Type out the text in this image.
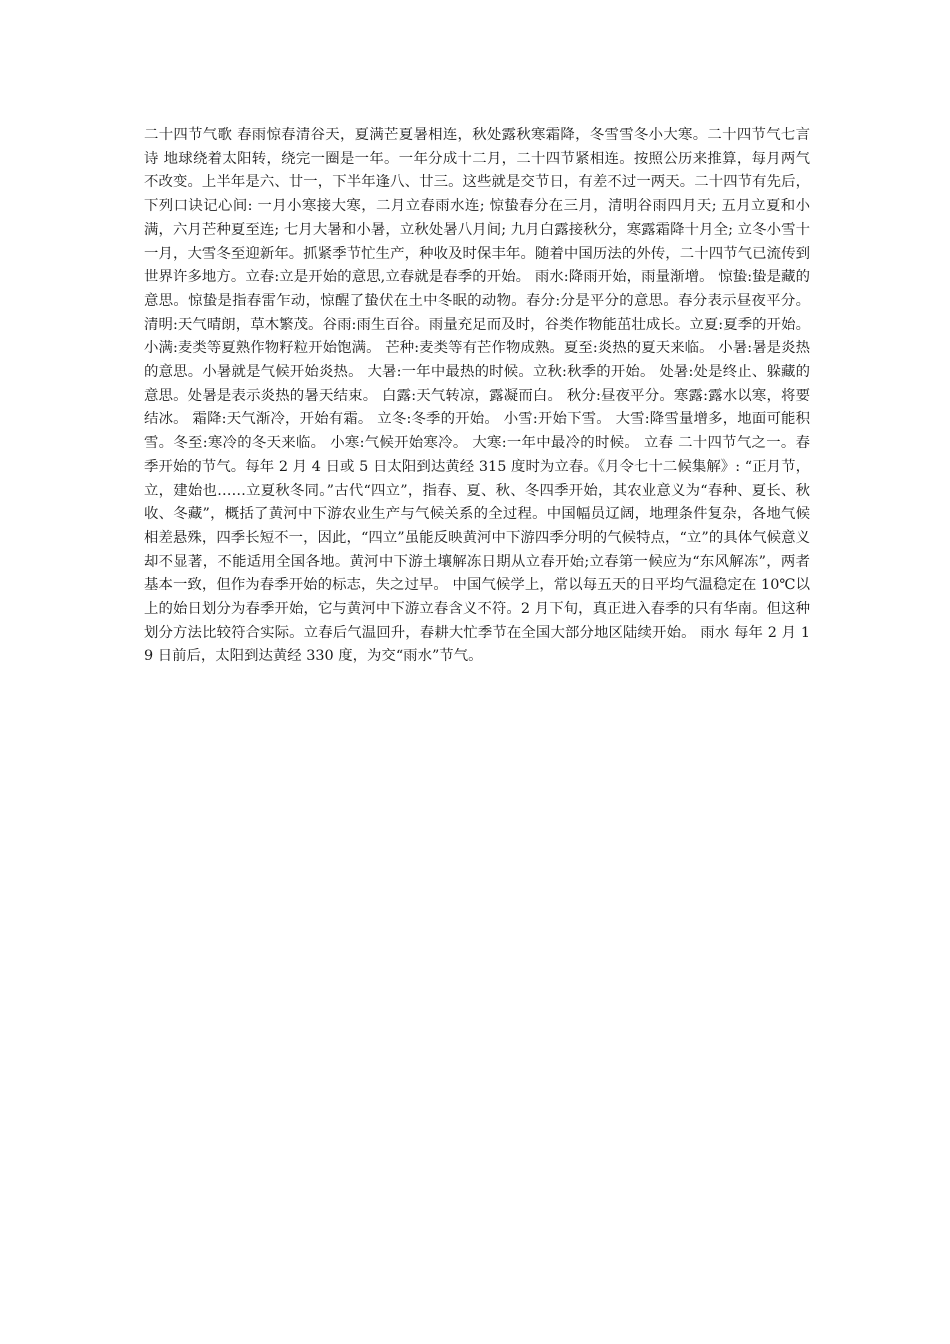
二十四节气歌 春雨惊春清谷天，夏满芒夏暑相连，秋处露秋寒霜降，冬雪雪冬小大寒。二十四节气七言诗 地球绕着太阳转，绕完一圈是一年。一年分成十二月，二十四节紧相连。按照公历来推算，每月两气不改变。上半年是六、廿一，下半年逢八、廿三。这些就是交节日，有差不过一两天。二十四节有先后，下列口诀记心间: 一月小寒接大寒，二月立春雨水连; 惊蛰春分在三月，清明谷雨四月天; 五月立夏和小满，六月芒种夏至连; 七月大暑和小暑，立秋处暑八月间; 九月白露接秋分，寒露霜降十月全; 立冬小雪十一月，大雪冬至迎新年。抓紧季节忙生产，种收及时保丰年。随着中国历法的外传，二十四节气已流传到世界许多地方。立春:立是开始的意思,立春就是春季的开始。 雨水:降雨开始，雨量渐增。 惊蛰:蛰是藏的意思。惊蛰是指春雷乍动，惊醒了蛰伏在土中冬眠的动物。春分:分是平分的意思。春分表示昼夜平分。 清明:天气晴朗，草木繁茂。谷雨:雨生百谷。雨量充足而及时，谷类作物能茁壮成长。立夏:夏季的开始。小满:麦类等夏熟作物籽粒开始饱满。 芒种:麦类等有芒作物成熟。夏至:炎热的夏天来临。 小暑:暑是炎热的意思。小暑就是气候开始炎热。 大暑:一年中最热的时候。立秋:秋季的开始。 处暑:处是终止、躲藏的意思。处暑是表示炎热的暑天结束。 白露:天气转凉，露凝而白。 秋分:昼夜平分。寒露:露水以寒，将要结冰。 霜降:天气渐冷，开始有霜。 立冬:冬季的开始。 小雪:开始下雪。 大雪:降雪量增多，地面可能积雪。冬至:寒冷的冬天来临。 小寒:气候开始寒冷。 大寒:一年中最冷的时候。 立春 二十四节气之一。春季开始的节气。每年 2 月 4 日或 5 日太阳到达黄经 315 度时为立春。《月令七十二候集解》: “正月节，立，建始也……立夏秋冬同。”古代“四立”，指春、夏、秋、冬四季开始，其农业意义为“春种、夏长、秋收、冬藏”，概括了黄河中下游农业生产与气候关系的全过程。中国幅员辽阔，地理条件复杂，各地气候相差悬殊，四季长短不一，因此，“四立”虽能反映黄河中下游四季分明的气候特点，“立”的具体气候意义却不显著，不能适用全国各地。黄河中下游土壤解冻日期从立春开始;立春第一候应为“东风解冻”，两者基本一致，但作为春季开始的标志，失之过早。 中国气候学上，常以每五天的日平均气温稳定在 10℃以上的始日划分为春季开始，它与黄河中下游立春含义不符。2 月下旬，真正进入春季的只有华南。但这种划分方法比较符合实际。立春后气温回升，春耕大忙季节在全国大部分地区陆续开始。 雨水 每年 2 月 19 日前后，太阳到达黄经 330 度，为交“雨水”节气。
